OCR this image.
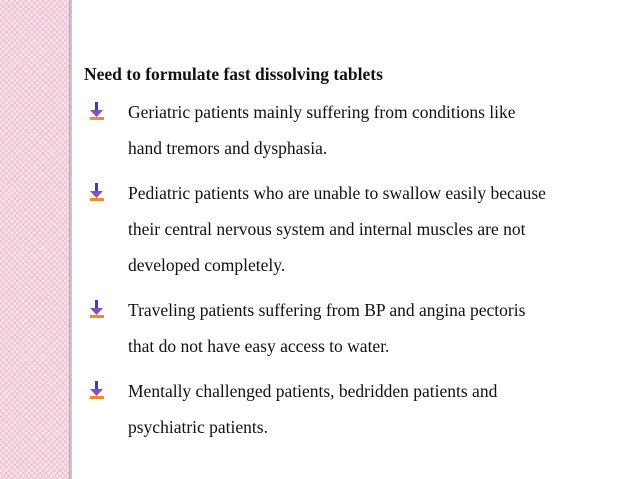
Need to formulate fast dissolving tablets
Geriatric patients mainly suffering from conditions like
hand tremors and dysphasia.
Pediatric patients who are unable to swallow easily because
their central nervous system and internal muscles are not
developed completely.
Traveling patients suffering from BP and angina pectoris
that do not have easy access to water.
Mentally challenged patients, bedridden patients and
psychiatric patients.
